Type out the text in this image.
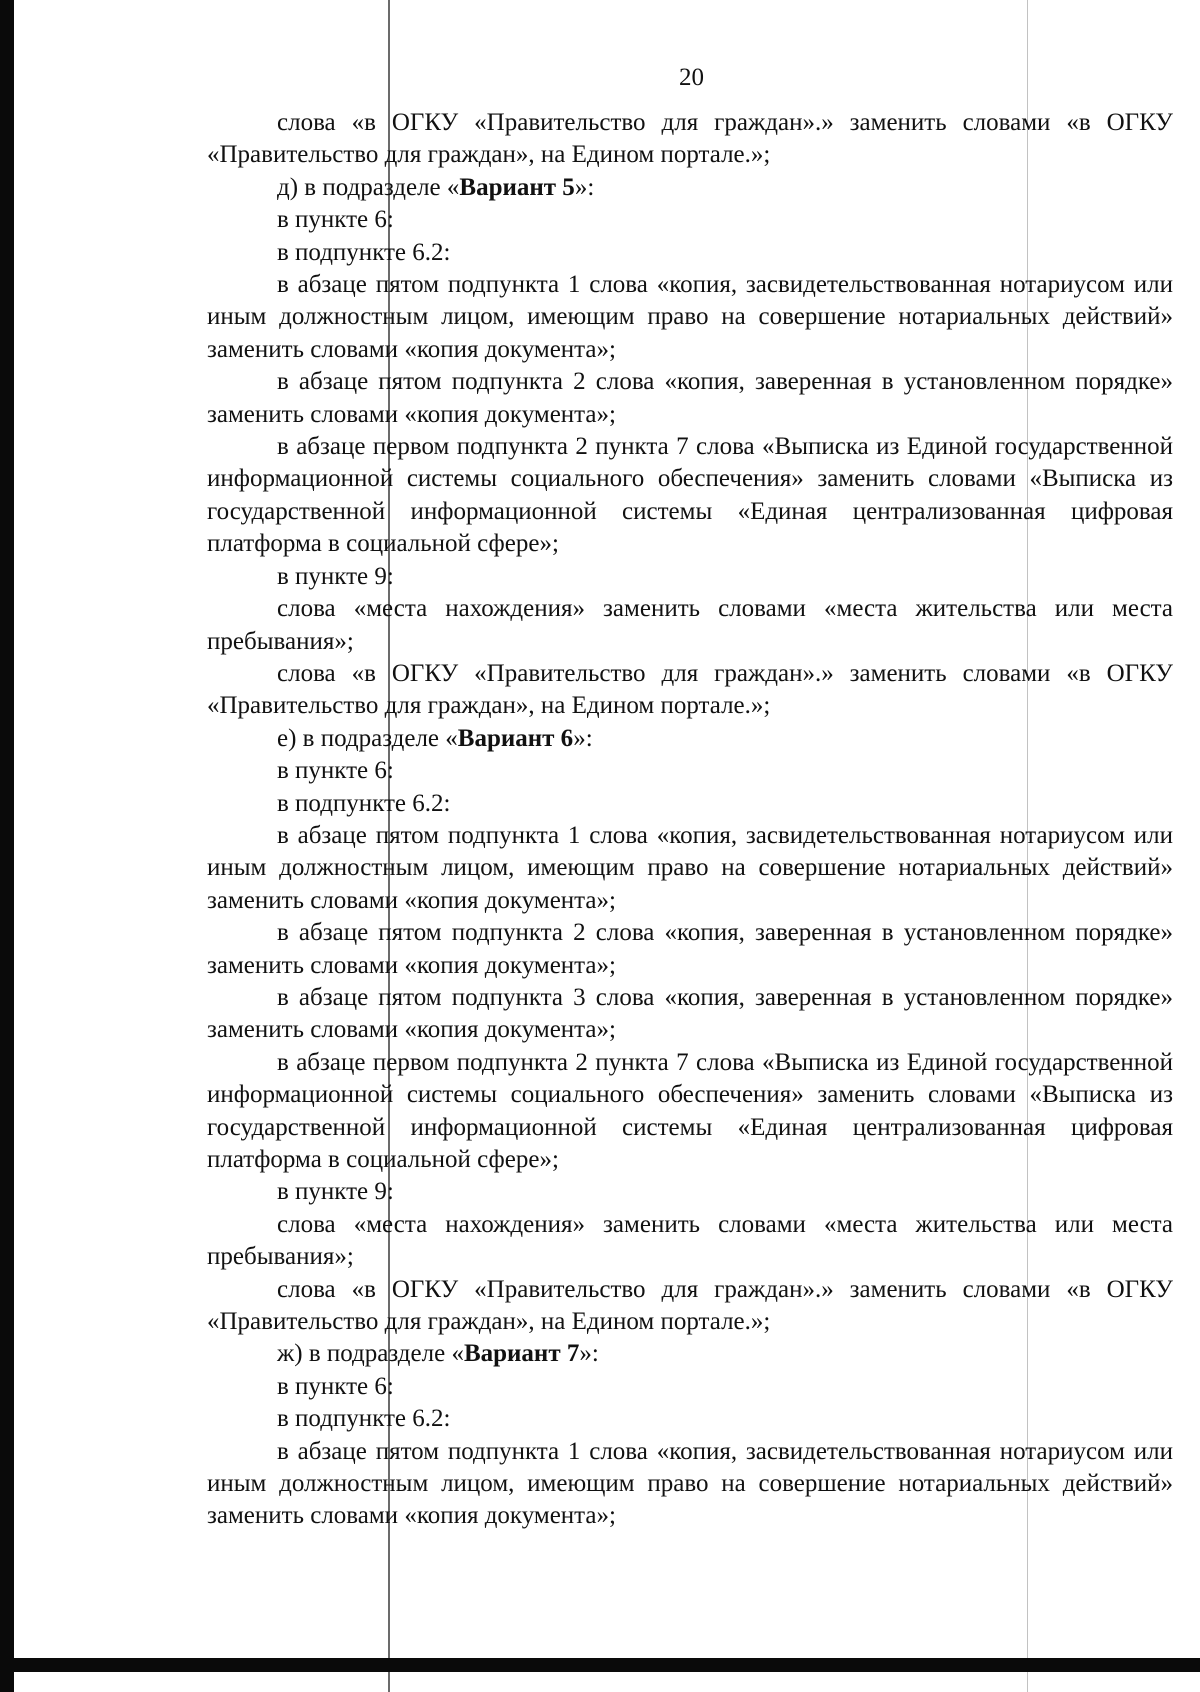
20

слова «в ОГКУ «Правительство для граждан».» заменить словами «в ОГКУ «Правительство для граждан», на Едином портале.»;

д) в подразделе «Вариант 5»:

в пункте 6:

в подпункте 6.2:

в абзаце пятом подпункта 1 слова «копия, засвидетельствованная нотариусом или иным должностным лицом, имеющим право на совершение нотариальных действий» заменить словами «копия документа»;

в абзаце пятом подпункта 2 слова «копия, заверенная в установленном порядке» заменить словами «копия документа»;

в абзаце первом подпункта 2 пункта 7 слова «Выписка из Единой государственной информационной системы социального обеспечения» заменить словами «Выписка из государственной информационной системы «Единая централизованная цифровая платформа в социальной сфере»;

в пункте 9:

слова «места нахождения» заменить словами «места жительства или места пребывания»;

слова «в ОГКУ «Правительство для граждан».» заменить словами «в ОГКУ «Правительство для граждан», на Едином портале.»;

е) в подразделе «Вариант 6»:

в пункте 6:

в подпункте 6.2:

в абзаце пятом подпункта 1 слова «копия, засвидетельствованная нотариусом или иным должностным лицом, имеющим право на совершение нотариальных действий» заменить словами «копия документа»;

в абзаце пятом подпункта 2 слова «копия, заверенная в установленном порядке» заменить словами «копия документа»;

в абзаце пятом подпункта 3 слова «копия, заверенная в установленном порядке» заменить словами «копия документа»;

в абзаце первом подпункта 2 пункта 7 слова «Выписка из Единой государственной информационной системы социального обеспечения» заменить словами «Выписка из государственной информационной системы «Единая централизованная цифровая платформа в социальной сфере»;

в пункте 9:

слова «места нахождения» заменить словами «места жительства или места пребывания»;

слова «в ОГКУ «Правительство для граждан».» заменить словами «в ОГКУ «Правительство для граждан», на Едином портале.»;

ж) в подразделе «Вариант 7»:

в пункте 6:

в подпункте 6.2:

в абзаце пятом подпункта 1 слова «копия, засвидетельствованная нотариусом или иным должностным лицом, имеющим право на совершение нотариальных действий» заменить словами «копия документа»;
